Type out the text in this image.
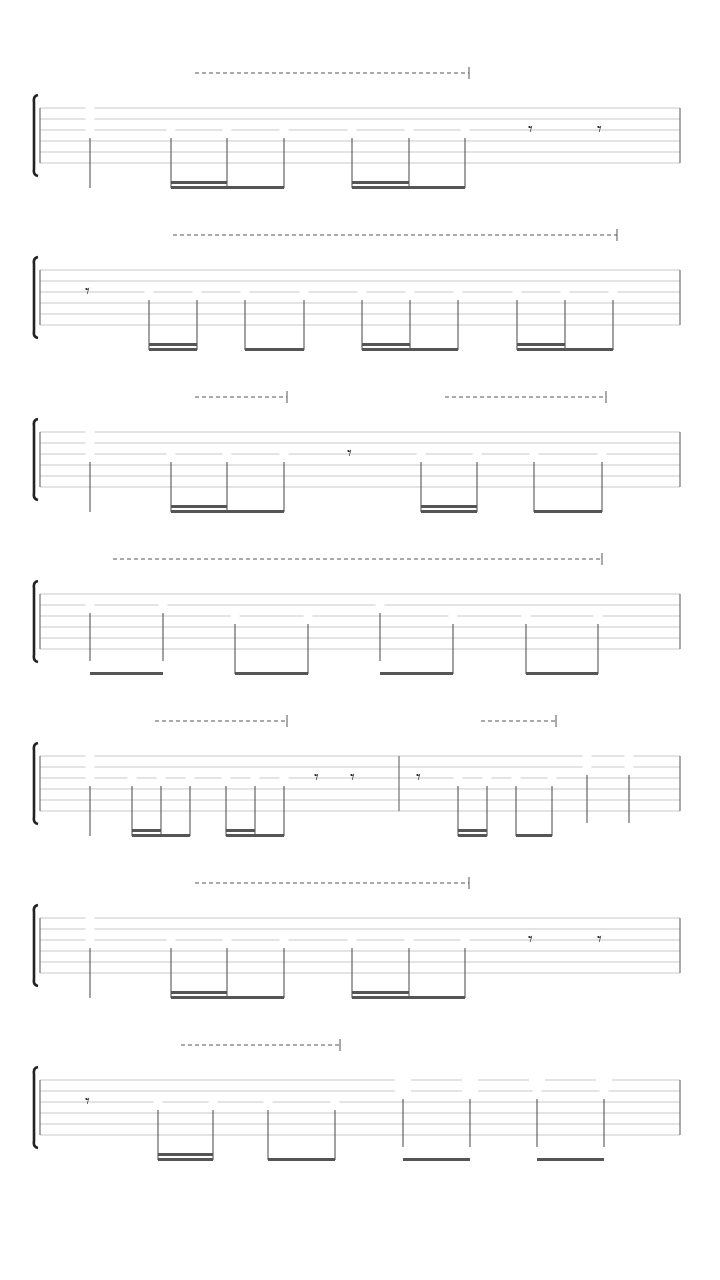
𝄾	𝄾
𝄾
𝄾
𝄾 𝄾	𝄾
𝄾	𝄾
𝄾
